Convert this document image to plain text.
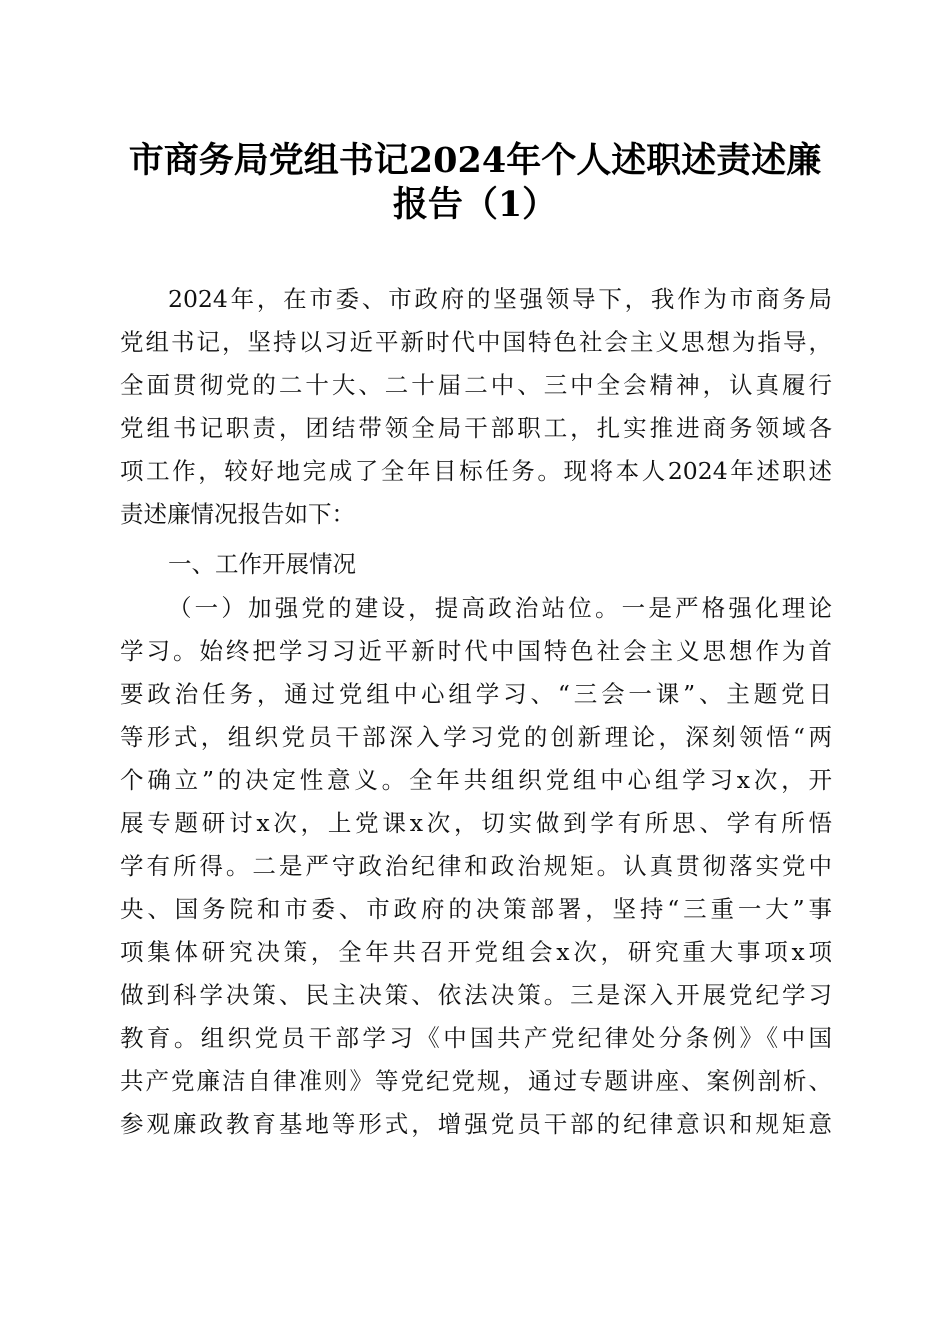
市商务局党组书记2024年个人述职述责述廉
报告（1）

2024年，在市委、市政府的坚强领导下，我作为市商务局

党组书记，坚持以习近平新时代中国特色社会主义思想为指导，

全面贯彻党的二十大、二十届二中、三中全会精神，认真履行

党组书记职责，团结带领全局干部职工，扎实推进商务领域各

项工作，较好地完成了全年目标任务。现将本人2024年述职述

责述廉情况报告如下：

一、工作开展情况

（一）加强党的建设，提高政治站位。一是严格强化理论

学习。始终把学习习近平新时代中国特色社会主义思想作为首

要政治任务，通过党组中心组学习、“三会一课”、主题党日

等形式，组织党员干部深入学习党的创新理论，深刻领悟“两

个确立”的决定性意义。全年共组织党组中心组学习x次，开

展专题研讨x次，上党课x次，切实做到学有所思、学有所悟

学有所得。二是严守政治纪律和政治规矩。认真贯彻落实党中

央、国务院和市委、市政府的决策部署，坚持“三重一大”事

项集体研究决策，全年共召开党组会x次，研究重大事项x项

做到科学决策、民主决策、依法决策。三是深入开展党纪学习

教育。组织党员干部学习《中国共产党纪律处分条例》《中国

共产党廉洁自律准则》等党纪党规，通过专题讲座、案例剖析、

参观廉政教育基地等形式，增强党员干部的纪律意识和规矩意
